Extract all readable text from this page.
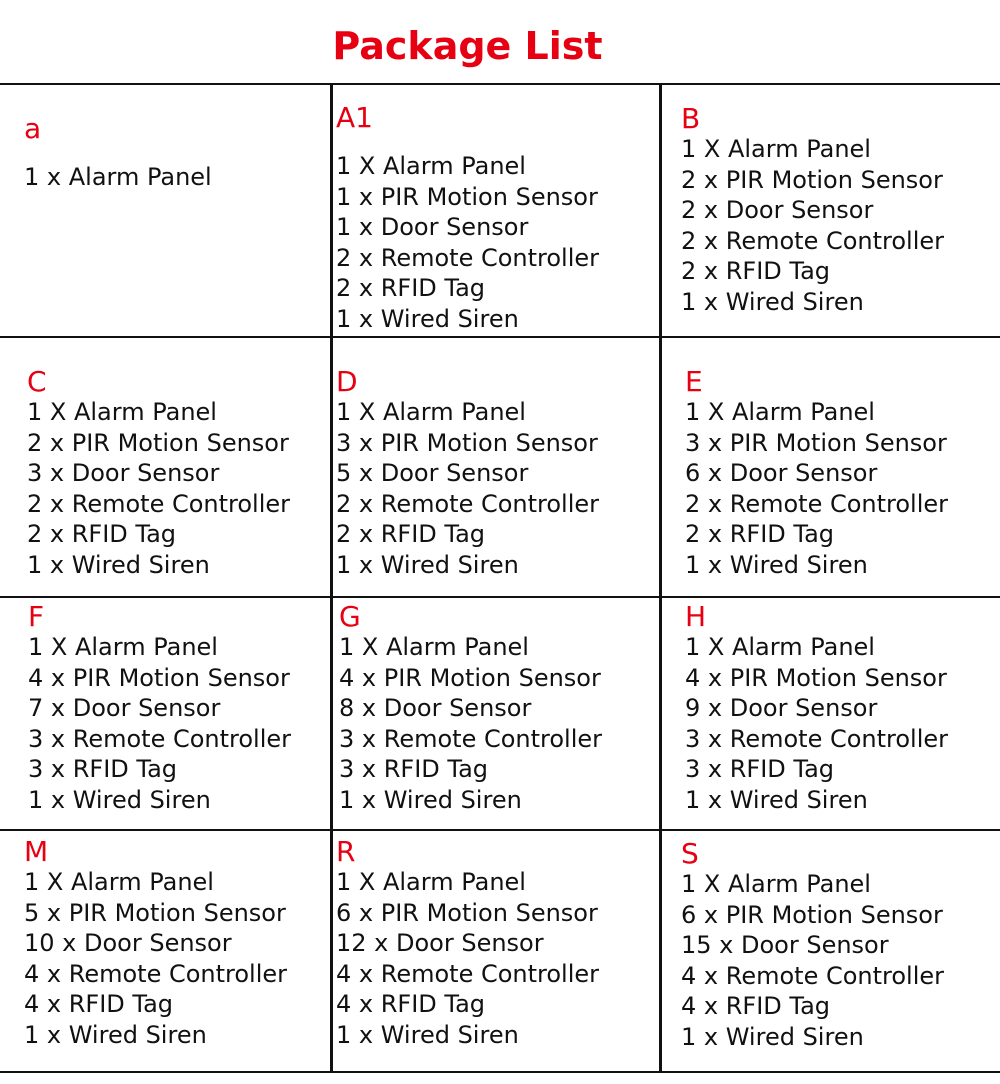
Package List
a
1 x Alarm Panel
A1
1 X Alarm Panel
1 x PIR Motion Sensor
1 x Door Sensor
2 x Remote Controller
2 x RFID Tag
1 x Wired Siren
B
1 X Alarm Panel
2 x PIR Motion Sensor
2 x Door Sensor
2 x Remote Controller
2 x RFID Tag
1 x Wired Siren
C
1 X Alarm Panel
2 x PIR Motion Sensor
3 x Door Sensor
2 x Remote Controller
2 x RFID Tag
1 x Wired Siren
D
1 X Alarm Panel
3 x PIR Motion Sensor
5 x Door Sensor
2 x Remote Controller
2 x RFID Tag
1 x Wired Siren
E
1 X Alarm Panel
3 x PIR Motion Sensor
6 x Door Sensor
2 x Remote Controller
2 x RFID Tag
1 x Wired Siren
F
1 X Alarm Panel
4 x PIR Motion Sensor
7 x Door Sensor
3 x Remote Controller
3 x RFID Tag
1 x Wired Siren
G
1 X Alarm Panel
4 x PIR Motion Sensor
8 x Door Sensor
3 x Remote Controller
3 x RFID Tag
1 x Wired Siren
H
1 X Alarm Panel
4 x PIR Motion Sensor
9 x Door Sensor
3 x Remote Controller
3 x RFID Tag
1 x Wired Siren
M
1 X Alarm Panel
5 x PIR Motion Sensor
10 x Door Sensor
4 x Remote Controller
4 x RFID Tag
1 x Wired Siren
R
1 X Alarm Panel
6 x PIR Motion Sensor
12 x Door Sensor
4 x Remote Controller
4 x RFID Tag
1 x Wired Siren
S
1 X Alarm Panel
6 x PIR Motion Sensor
15 x Door Sensor
4 x Remote Controller
4 x RFID Tag
1 x Wired Siren
